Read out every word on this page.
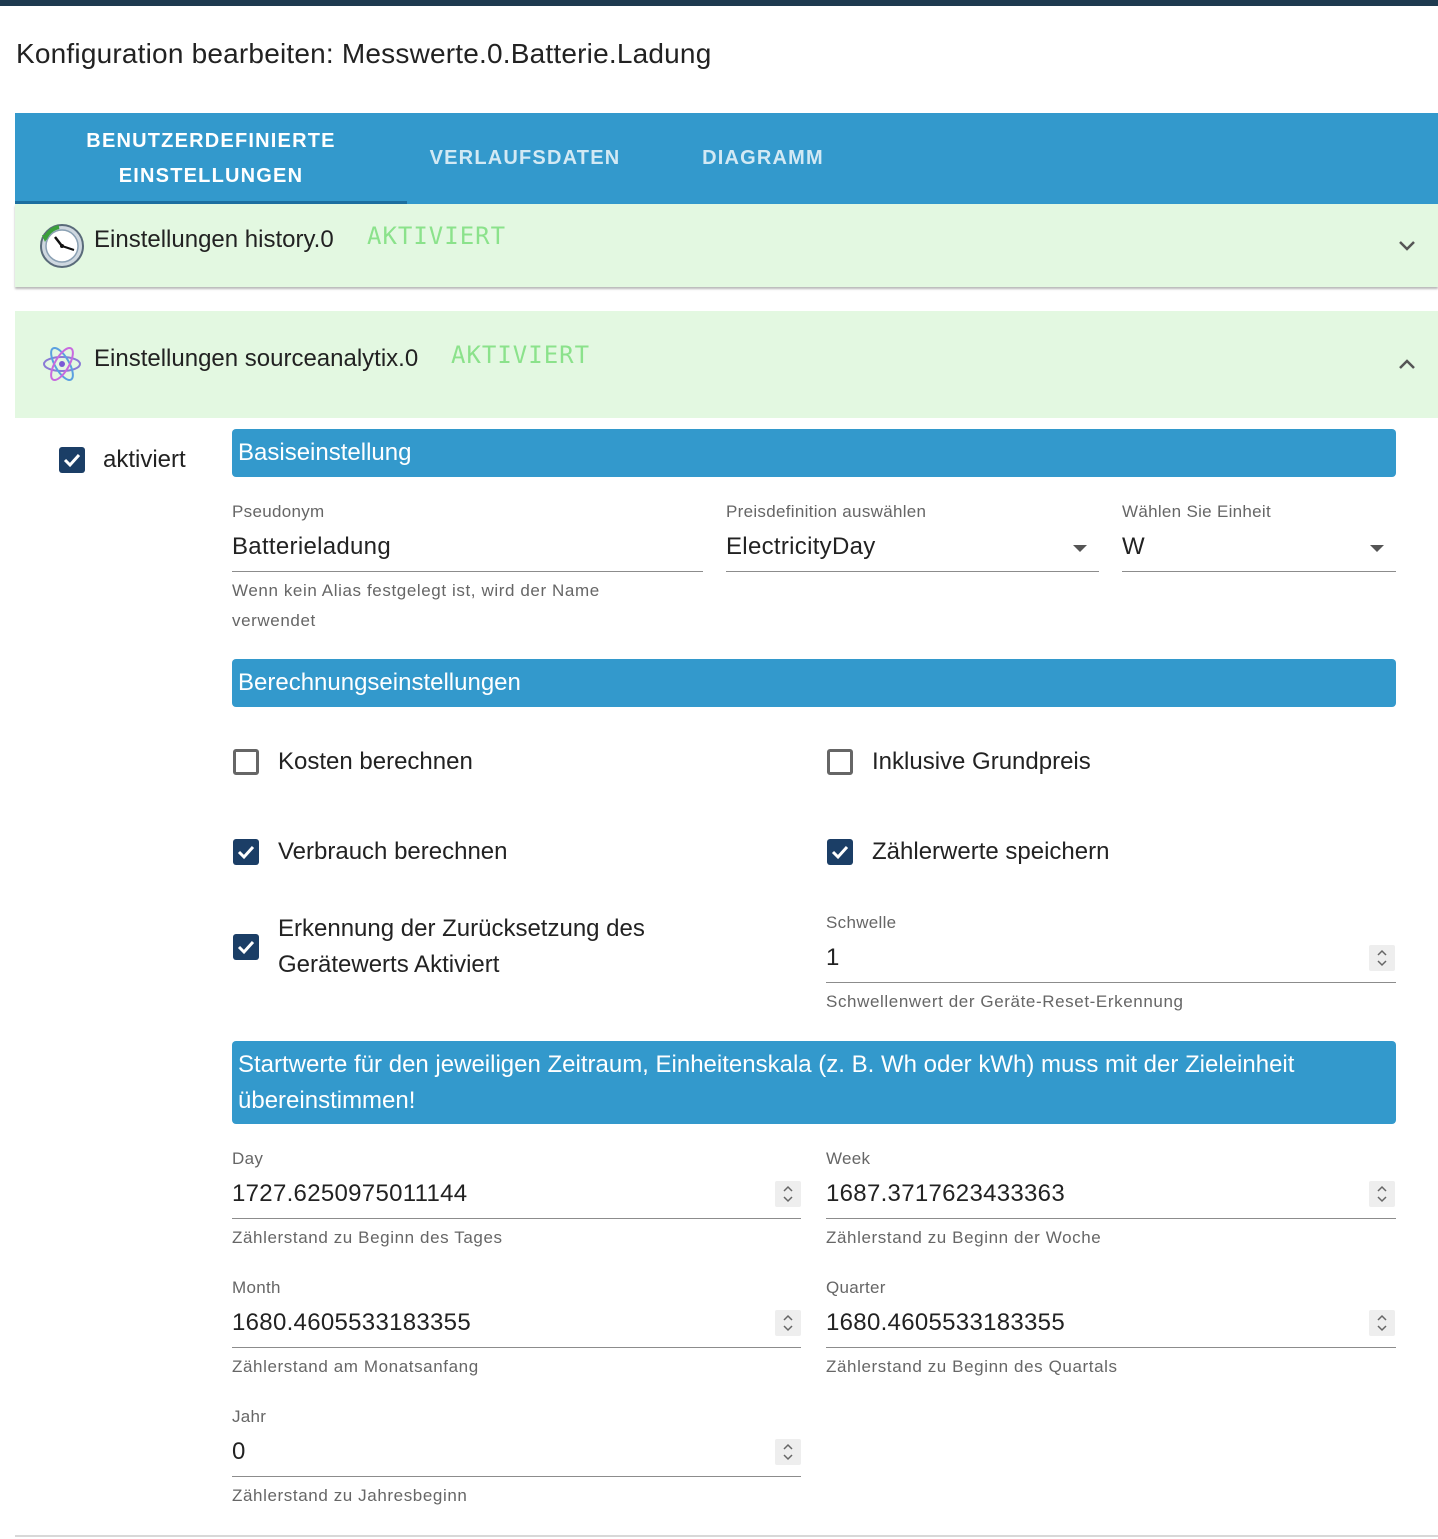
Konfiguration bearbeiten: Messwerte.0.Batterie.Ladung
BENUTZERDEFINIERTE
EINSTELLUNGEN
VERLAUFSDATEN	DIAGRAMM
Einstellungen history.0 AKTIVIERT
Einstellungen sourceanalytix.0 AKTIVIERT
aktiviert Basiseinstellung
Pseudonym
Batterieladung
Wenn kein Alias festgelegt ist, wird der Name verwendet
Preisdefinition auswählen
ElectricityDay
Wählen Sie Einheit
W
Berechnungseinstellungen
Kosten berechnen	Inklusive Grundpreis
Verbrauch berechnen	Zählerwerte speichern
Erkennung der Zurücksetzung des
Gerätewerts Aktiviert
Schwelle
1
Schwellenwert der Geräte-Reset-Erkennung
Startwerte für den jeweiligen Zeitraum, Einheitenskala (z. B. Wh oder kWh) muss mit der Zieleinheit übereinstimmen!
Day
1727.6250975011144
Zählerstand zu Beginn des Tages
Week
1687.3717623433363
Zählerstand zu Beginn der Woche
Month
1680.4605533183355
Zählerstand am Monatsanfang
Quarter
1680.4605533183355
Zählerstand zu Beginn des Quartals
Jahr
0
Zählerstand zu Jahresbeginn
